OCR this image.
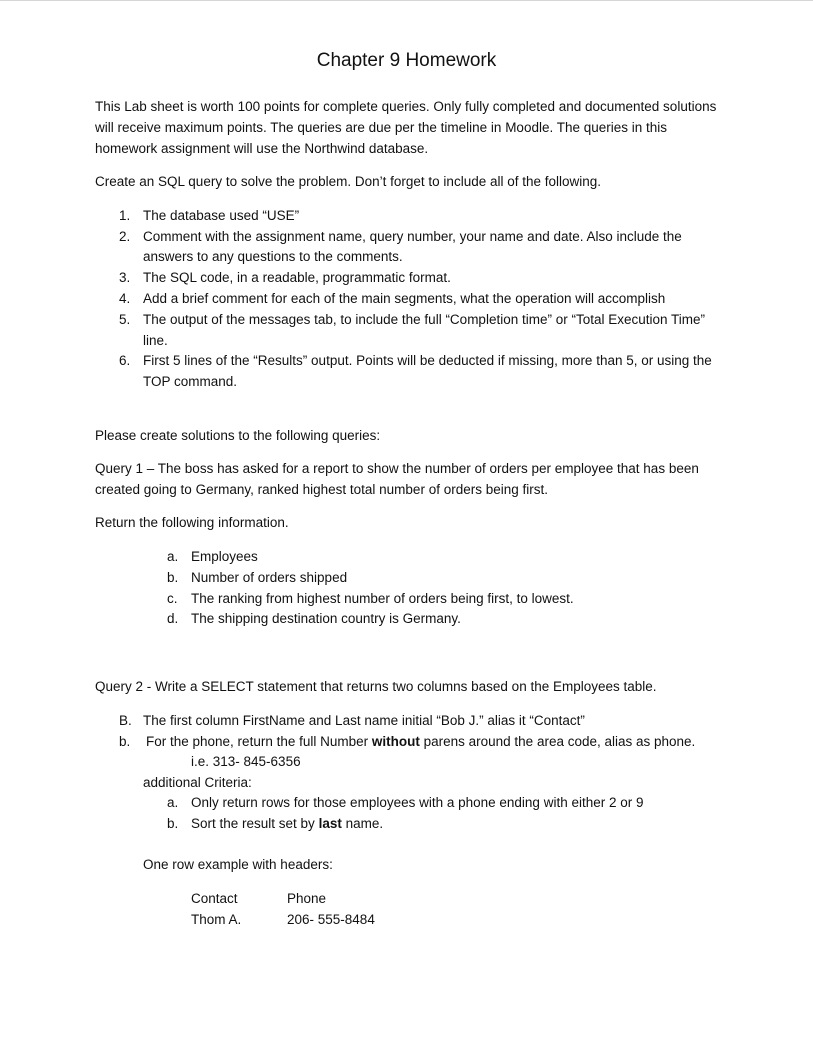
Chapter 9 Homework
This Lab sheet is worth 100 points for complete queries. Only fully completed and documented solutions
will receive maximum points. The queries are due per the timeline in Moodle. The queries in this
homework assignment will use the Northwind database.
Create an SQL query to solve the problem. Don’t forget to include all of the following.
1. The database used “USE”
2. Comment with the assignment name, query number, your name and date. Also include the
answers to any questions to the comments.
3. The SQL code, in a readable, programmatic format.
4. Add a brief comment for each of the main segments, what the operation will accomplish
5. The output of the messages tab, to include the full “Completion time” or “Total Execution Time”
line.
6. First 5 lines of the “Results” output. Points will be deducted if missing, more than 5, or using the
TOP command.
Please create solutions to the following queries:
Query 1 – The boss has asked for a report to show the number of orders per employee that has been
created going to Germany, ranked highest total number of orders being first.
Return the following information.
a. Employees
b. Number of orders shipped
c. The ranking from highest number of orders being first, to lowest.
d. The shipping destination country is Germany.
Query 2 - Write a SELECT statement that returns two columns based on the Employees table.
B. The first column FirstName and Last name initial “Bob J.” alias it “Contact”
b. For the phone, return the full Number without parens around the area code, alias as phone.
i.e. 313- 845-6356
additional Criteria:
a. Only return rows for those employees with a phone ending with either 2 or 9
b. Sort the result set by last name.
One row example with headers:
Contact	Phone
Thom A.	206- 555-8484
